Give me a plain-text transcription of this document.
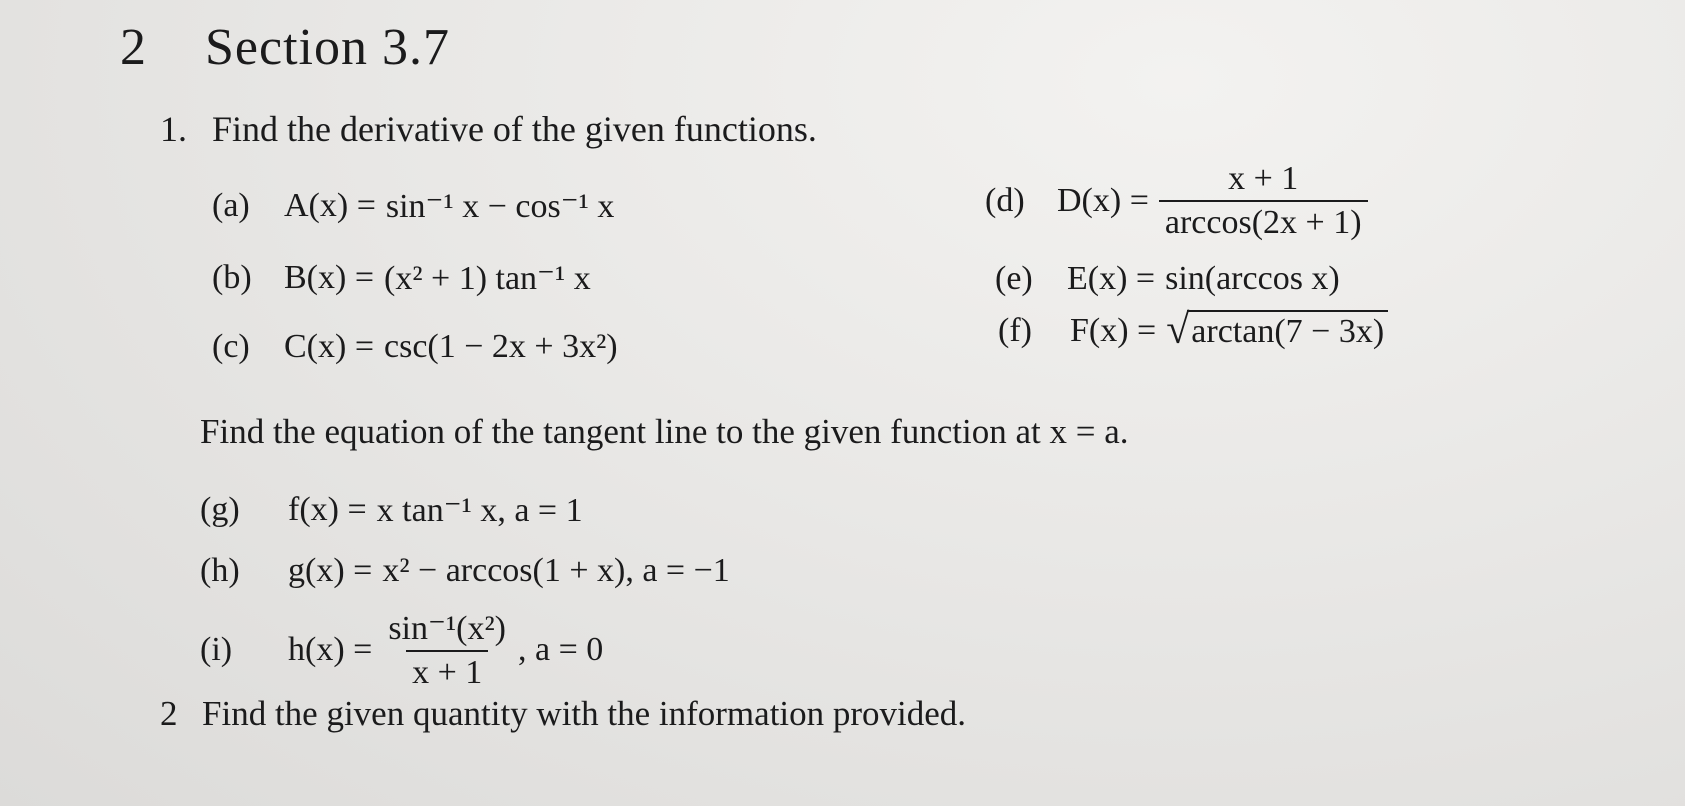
2 Section 3.7
1. Find the derivative of the given functions.
(a)	A(x) = sin⁻¹ x − cos⁻¹ x
(b) B(x) = (x² + 1) tan⁻¹ x
(c)	C(x) = csc(1 − 2x + 3x²)
(d) $D(x) = \frac{x + 1}{\arccos(2x + 1)}$
(e)	E(x) = sin(arccos x)
(f)	F(x) = √ arctan(7 − 3x)
Find the equation of the tangent line to the given function at x = a.
(g)	f(x) = x tan⁻¹ x, a = 1
(h)	g(x) = x² − arccos(1 + x), a = −1
(i)	$h(x) = \frac{\text{sin⁻¹(x²)}}{x + 1}$ , a = 0
2 Find the given quantity with the information provided.
